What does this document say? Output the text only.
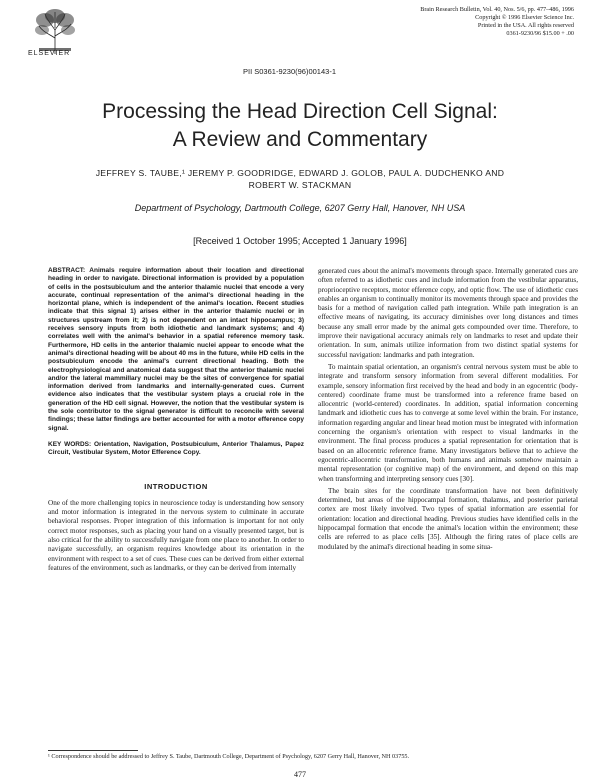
ELSEVIER
Brain Research Bulletin, Vol. 40, Nos. 5/6, pp. 477–486, 1996
Copyright © 1996 Elsevier Science Inc.
Printed in the USA. All rights reserved
0361-9230/96 $15.00 + .00
PII S0361-9230(96)00143-1
Processing the Head Direction Cell Signal:
A Review and Commentary
JEFFREY S. TAUBE,¹ JEREMY P. GOODRIDGE, EDWARD J. GOLOB, PAUL A. DUDCHENKO AND
ROBERT W. STACKMAN
Department of Psychology, Dartmouth College, 6207 Gerry Hall, Hanover, NH USA
[Received 1 October 1995; Accepted 1 January 1996]
ABSTRACT: Animals require information about their location and directional heading in order to navigate. Directional information is provided by a population of cells in the postsubiculum and the anterior thalamic nuclei that encode a very accurate, continual representation of the animal's directional heading in the horizontal plane, which is independent of the animal's location. Recent studies indicate that this signal 1) arises either in the anterior thalamic nuclei or in structures upstream from it; 2) is not dependent on an intact hippocampus; 3) receives sensory inputs from both idiothetic and landmark systems; and 4) correlates well with the animal's behavior in a spatial reference memory task. Furthermore, HD cells in the anterior thalamic nuclei appear to encode what the animal's directional heading will be about 40 ms in the future, while HD cells in the postsubiculum encode the animal's current directional heading. Both the electrophysiological and anatomical data suggest that the anterior thalamic nuclei and/or the lateral mammillary nuclei may be the sites of convergence for spatial information derived from landmarks and internally-generated cues. Current evidence also indicates that the vestibular system plays a crucial role in the generation of the HD cell signal. However, the notion that the vestibular system is the sole contributor to the signal generator is difficult to reconcile with several findings; these latter findings are better accounted for with a motor efference copy signal.
KEY WORDS: Orientation, Navigation, Postsubiculum, Anterior Thalamus, Papez Circuit, Vestibular System, Motor Efference Copy.
INTRODUCTION

One of the more challenging topics in neuroscience today is understanding how sensory and motor information is integrated in the nervous system to culminate in accurate behavioral responses. Proper integration of this information is important for not only correct motor responses, such as placing your hand on a visually presented target, but is also critical for the ability to successfully navigate from one place to another. In order to navigate successfully, an organism requires knowledge about its orientation in the environment with respect to a set of cues. These cues can be derived from either external features of the environment, such as landmarks, or they can be derived from internally

generated cues about the animal's movements through space. Internally generated cues are often referred to as idiothetic cues and include information from the vestibular apparatus, proprioceptive receptors, motor efference copy, and optic flow. The use of idiothetic cues enables an organism to continually monitor its movements through space and provides the basis for a method of navigation called path integration. While path integration is an effective means of navigating, its accuracy diminishes over long distances and times because any small error made by the animal gets compounded over time. Therefore, to improve their navigational accuracy animals rely on landmarks to reset and update their orientation. In sum, animals utilize information from two distinct spatial systems for successful navigation: landmarks and path integration.

To maintain spatial orientation, an organism's central nervous system must be able to integrate and transform sensory information from several different modalities. For example, sensory information first received by the head and body in an egocentric (body-centered) coordinate frame must be transformed into a reference frame based on allocentric (world-centered) coordinates. In addition, spatial information concerning landmark and idiothetic cues has to converge at some level within the brain. For instance, information regarding angular and linear head motion must be integrated with information concerning the organism's orientation with respect to visual landmarks in the environment. The final process produces a spatial representation for orientation that is based on an allocentric reference frame. Many investigators believe that to achieve the egocentric-allocentric transformation, both humans and animals somehow maintain a mental representation (or cognitive map) of the environment, and depend on this map when transforming and interpreting sensory cues [30].

The brain sites for the coordinate transformation have not been definitively determined, but areas of the hippocampal formation, thalamus, and posterior parietal cortex are most likely involved. Two types of spatial information are essential for orientation: location and directional heading. Previous studies have identified cells in the hippocampal formation that encode the animal's location within the environment; these cells are referred to as place cells [35]. Although the firing rates of place cells are modulated by the animal's directional heading in some situa-

¹ Correspondence should be addressed to Jeffrey S. Taube, Dartmouth College, Department of Psychology, 6207 Gerry Hall, Hanover, NH 03755.
477
